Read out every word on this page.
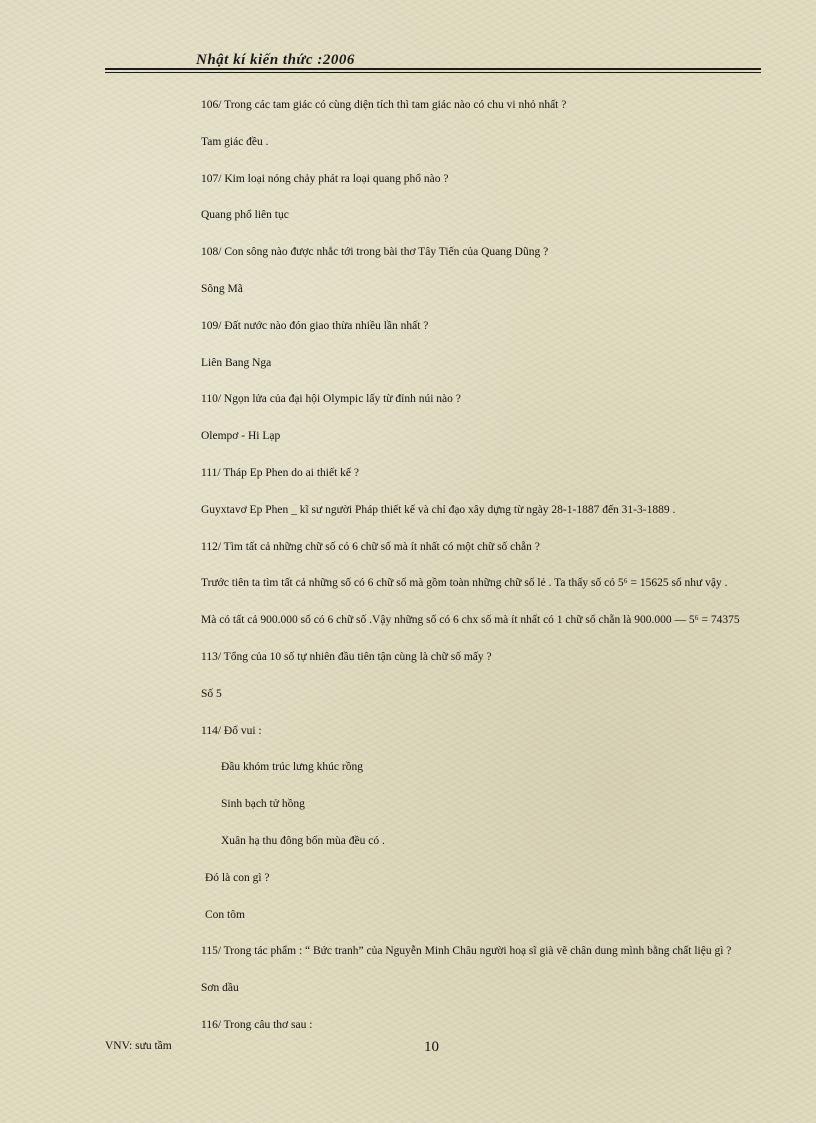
Nhật kí kiến thức :2006
106/ Trong các tam giác có cùng diện tích thì tam giác nào có chu vi nhỏ nhất ?
Tam giác đều .
107/ Kim loại nóng chảy phát ra loại quang phổ nào ?
Quang phổ liên tục
108/ Con sông nào được nhắc tới trong bài thơ Tây Tiến của Quang Dũng ?
Sông Mã
109/ Đất nước nào đón giao thừa nhiều lần nhất ?
Liên Bang Nga
110/ Ngọn lửa của đại hội Olympic lấy từ đỉnh núi nào ?
Olempơ - Hi Lạp
111/ Tháp Ep Phen do ai thiết kế ?
Guyxtavơ Ep Phen _ kĩ sư người Pháp thiết kế và chỉ đạo xây dựng từ ngày 28-1-1887 đến 31-3-1889 .
112/ Tìm tất cả những chữ số có 6 chữ số mà ít nhất có một chữ số chẵn ?
Trước tiên ta tìm tất cả những số có 6 chữ số mà gồm toàn những chữ số lẻ . Ta thấy số có 5⁶ = 15625 số như vậy .
Mà có tất cả 900.000 số có 6 chữ số .Vậy những số có 6 chx số mà ít nhất có 1 chữ số chẵn là 900.000 — 5⁶ = 74375
113/ Tổng của 10 số tự nhiên đầu tiên tận cùng là chữ số mấy ?
Số 5
114/ Đố vui :
Đầu khóm trúc lưng khúc rồng
Sinh bạch tử hồng
Xuân hạ thu đông bốn mùa đều có .
Đó là con gì ?
Con tôm
115/ Trong tác phẩm : “ Bức tranh” của Nguyễn Minh Châu người hoạ sĩ già vẽ chân dung mình bằng chất liệu gì ?
Sơn dầu
116/ Trong câu thơ sau :
VNV: sưu tầm	10
